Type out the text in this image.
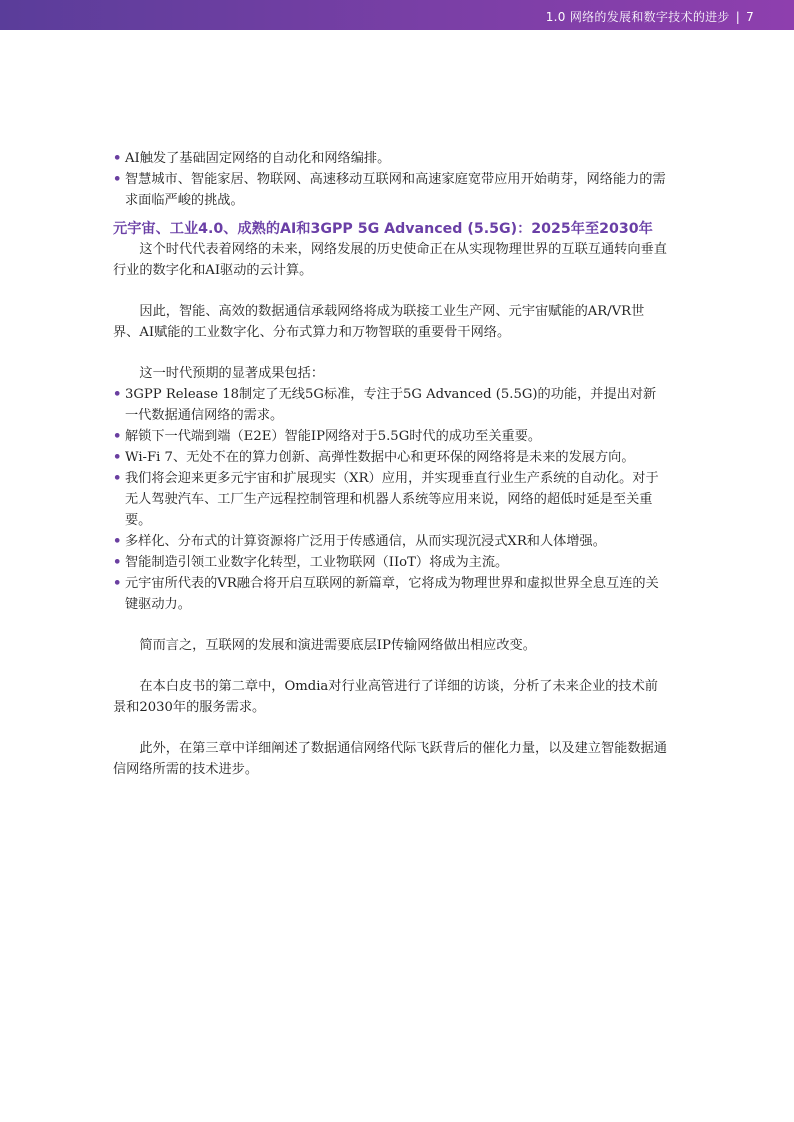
1.0 网络的发展和数字技术的进步 | 7
• AI触发了基础固定网络的自动化和网络编排。
• 智慧城市、智能家居、物联网、高速移动互联网和高速家庭宽带应用开始萌芽，网络能力的需求面临严峻的挑战。
元宇宙、工业4.0、成熟的AI和3GPP 5G Advanced (5.5G)：2025年至2030年

这个时代代表着网络的未来，网络发展的历史使命正在从实现物理世界的互联互通转向垂直行业的数字化和AI驱动的云计算。

因此，智能、高效的数据通信承载网络将成为联接工业生产网、元宇宙赋能的AR/VR世界、AI赋能的工业数字化、分布式算力和万物智联的重要骨干网络。

这一时代预期的显著成果包括：

• 3GPP Release 18制定了无线5G标准，专注于5G Advanced (5.5G)的功能，并提出对新一代数据通信网络的需求。
• 解锁下一代端到端（E2E）智能IP网络对于5.5G时代的成功至关重要。
• Wi-Fi 7、无处不在的算力创新、高弹性数据中心和更环保的网络将是未来的发展方向。
• 我们将会迎来更多元宇宙和扩展现实（XR）应用，并实现垂直行业生产系统的自动化。对于无人驾驶汽车、工厂生产远程控制管理和机器人系统等应用来说，网络的超低时延是至关重要。
• 多样化、分布式的计算资源将广泛用于传感通信，从而实现沉浸式XR和人体增强。
• 智能制造引领工业数字化转型，工业物联网（IIoT）将成为主流。
• 元宇宙所代表的VR融合将开启互联网的新篇章，它将成为物理世界和虚拟世界全息互连的关键驱动力。

简而言之，互联网的发展和演进需要底层IP传输网络做出相应改变。

在本白皮书的第二章中，Omdia对行业高管进行了详细的访谈，分析了未来企业的技术前景和2030年的服务需求。

此外，在第三章中详细阐述了数据通信网络代际飞跃背后的催化力量，以及建立智能数据通信网络所需的技术进步。
